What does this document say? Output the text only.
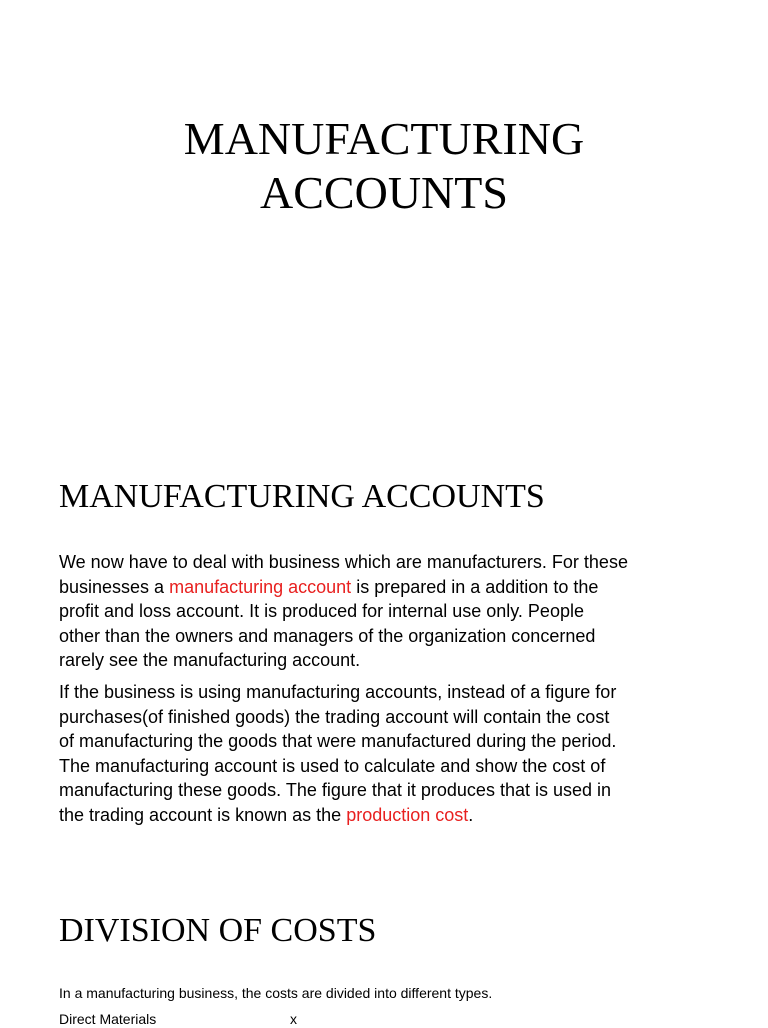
MANUFACTURING
ACCOUNTS
MANUFACTURING ACCOUNTS
We now have to deal with business which are manufacturers. For these
businesses a manufacturing account is prepared in a addition to the
profit and loss account. It is produced for internal use only. People
other than the owners and managers of the organization concerned
rarely see the manufacturing account.
If the business is using manufacturing accounts, instead of a figure for
purchases(of finished goods) the trading account will contain the cost
of manufacturing the goods that were manufactured during the period.
The manufacturing account is used to calculate and show the cost of
manufacturing these goods. The figure that it produces that is used in
the trading account is known as the production cost.
DIVISION OF COSTS
In a manufacturing business, the costs are divided into different types.
Direct Materials	x
